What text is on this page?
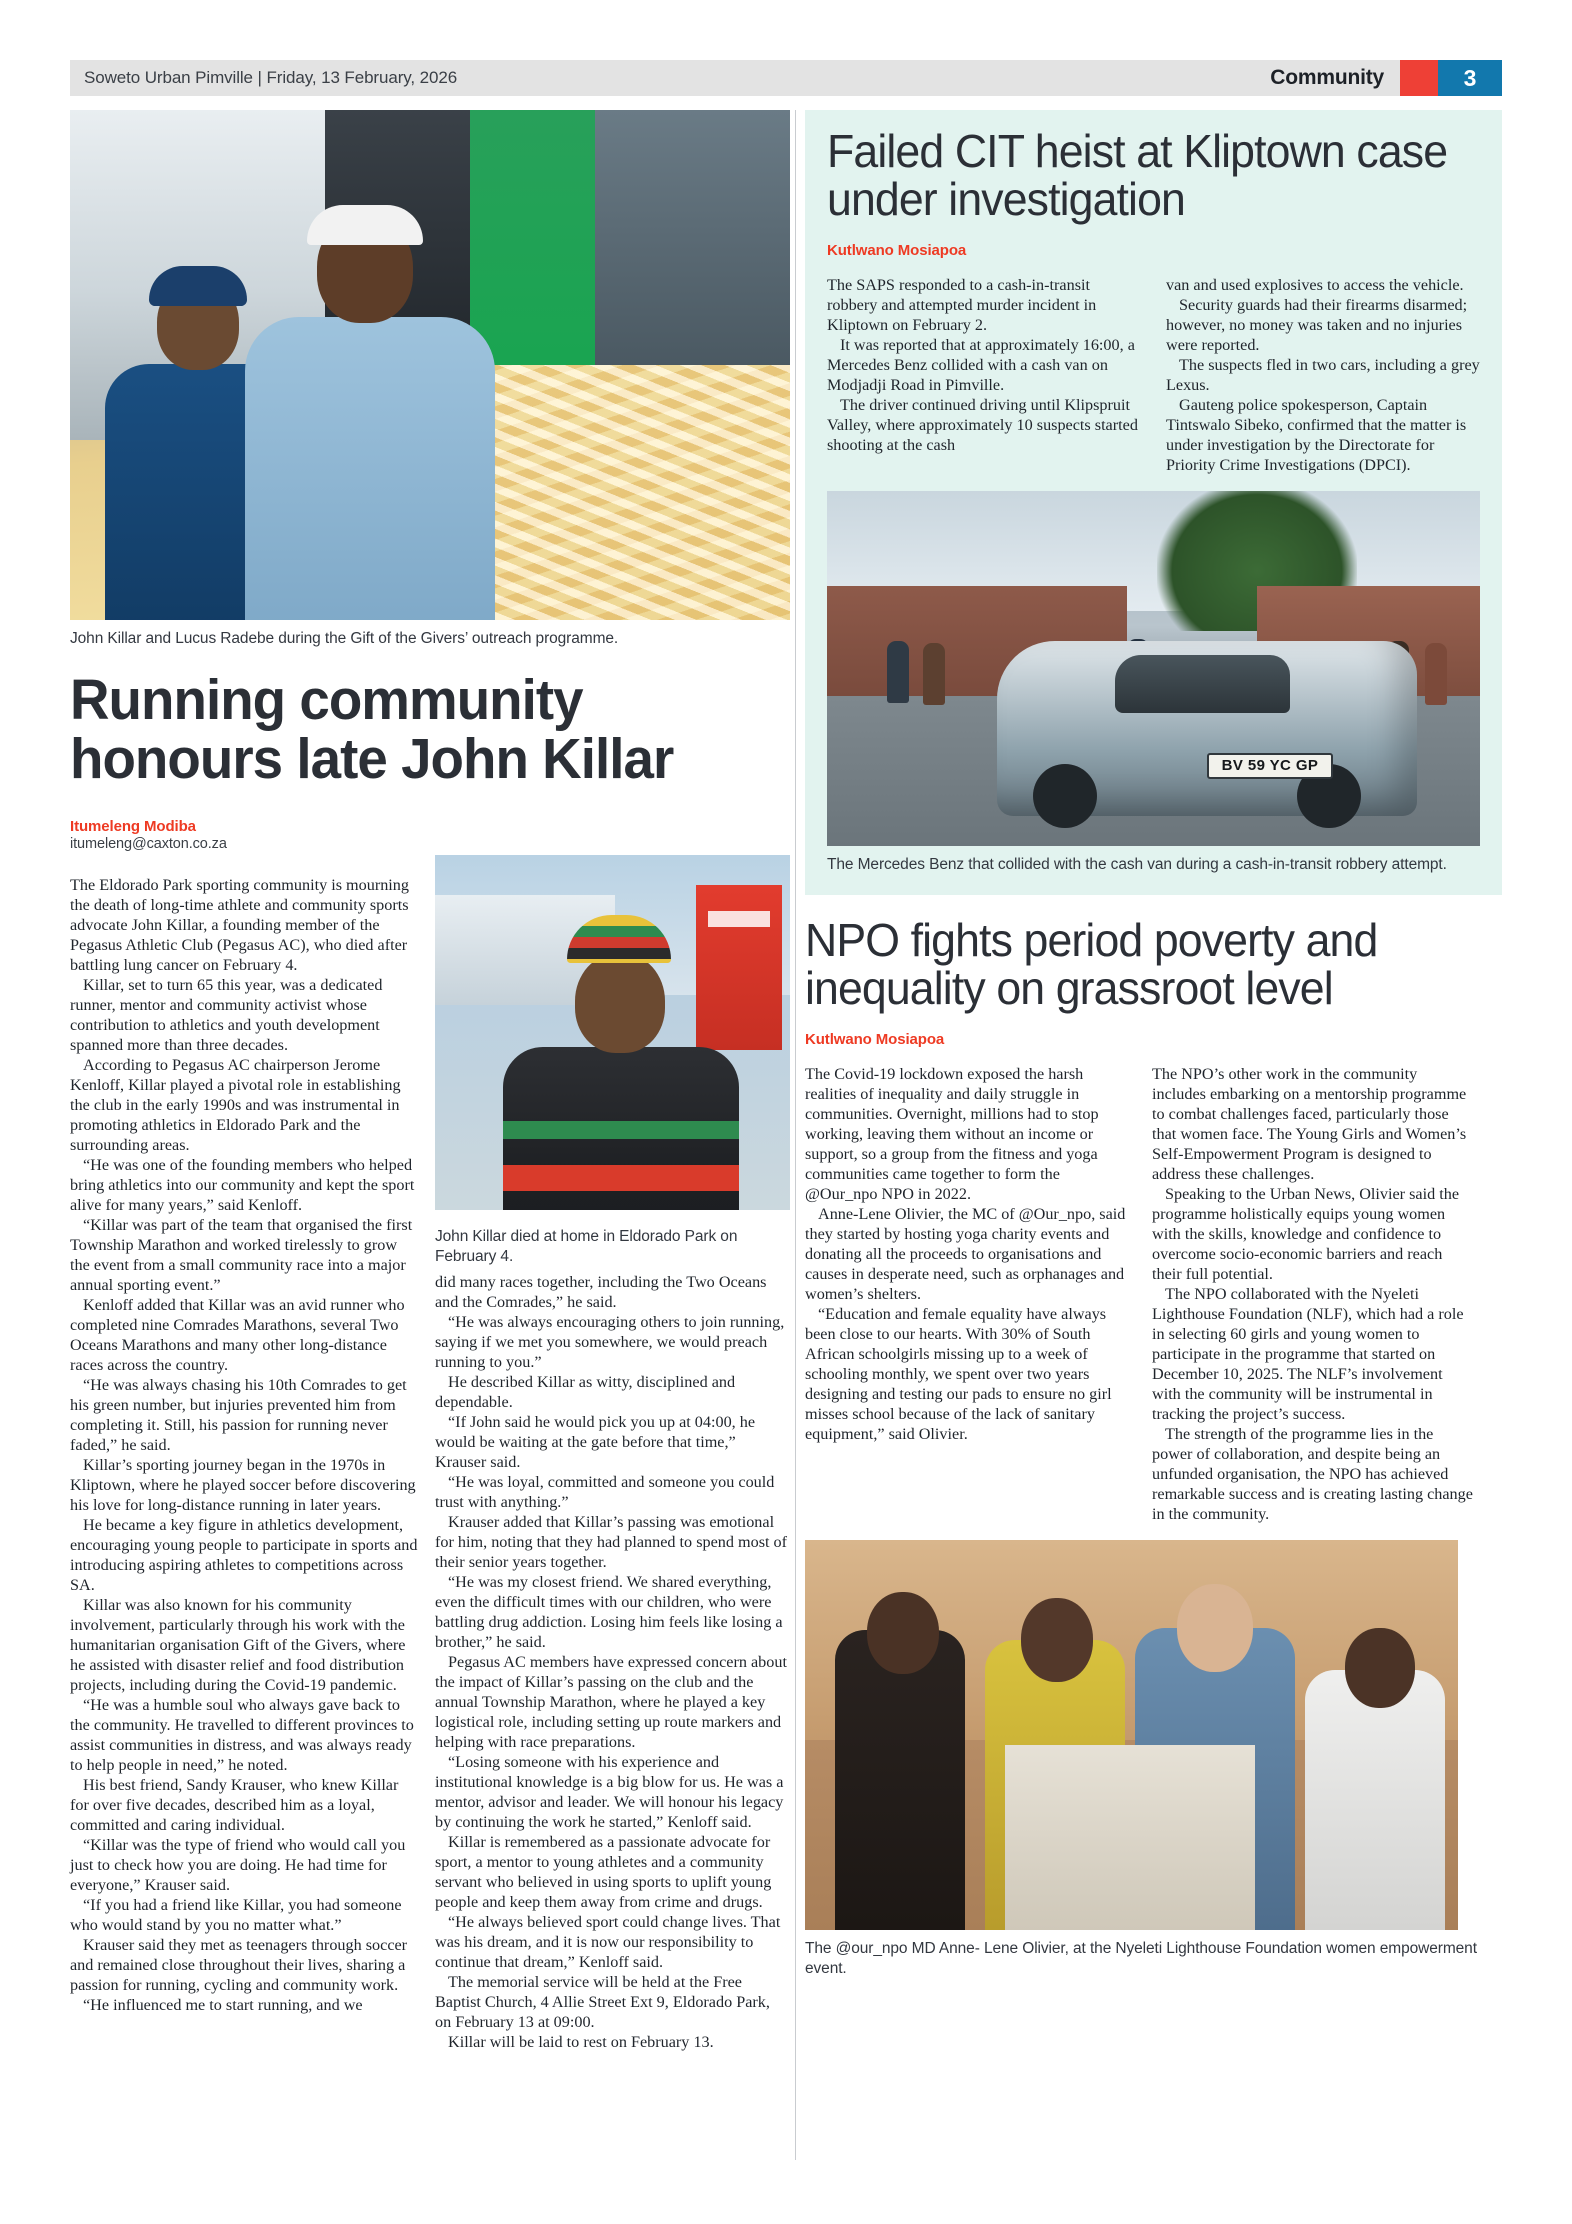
Soweto Urban Pimville | Friday, 13 February, 2026	Community	3
John Killar and Lucus Radebe during the Gift of the Givers’ outreach programme.
Running community honours late John Killar
Itumeleng Modiba
itumeleng@caxton.co.za

The Eldorado Park sporting community is mourning the death of long-time athlete and community sports advocate John Killar, a founding member of the Pegasus Athletic Club (Pegasus AC), who died after battling lung cancer on February 4.

Killar, set to turn 65 this year, was a dedicated runner, mentor and community activist whose contribution to athletics and youth development spanned more than three decades.

According to Pegasus AC chairperson Jerome Kenloff, Killar played a pivotal role in establishing the club in the early 1990s and was instrumental in promoting athletics in Eldorado Park and the surrounding areas.

“He was one of the founding members who helped bring athletics into our community and kept the sport alive for many years,” said Kenloff.

“Killar was part of the team that organised the first Township Marathon and worked tirelessly to grow the event from a small community race into a major annual sporting event.”

Kenloff added that Killar was an avid runner who completed nine Comrades Marathons, several Two Oceans Marathons and many other long-distance races across the country.

“He was always chasing his 10th Comrades to get his green number, but injuries prevented him from completing it. Still, his passion for running never faded,” he said.

Killar’s sporting journey began in the 1970s in Kliptown, where he played soccer before discovering his love for long-distance running in later years.

He became a key figure in athletics development, encouraging young people to participate in sports and introducing aspiring athletes to competitions across SA.

Killar was also known for his community involvement, particularly through his work with the humanitarian organisation Gift of the Givers, where he assisted with disaster relief and food distribution projects, including during the Covid-19 pandemic.

“He was a humble soul who always gave back to the community. He travelled to different provinces to assist communities in distress, and was always ready to help people in need,” he noted.

His best friend, Sandy Krauser, who knew Killar for over five decades, described him as a loyal, committed and caring individual.

“Killar was the type of friend who would call you just to check how you are doing. He had time for everyone,” Krauser said.

“If you had a friend like Killar, you had someone who would stand by you no matter what.”

Krauser said they met as teenagers through soccer and remained close throughout their lives, sharing a passion for running, cycling and community work.

“He influenced me to start running, and we

John Killar died at home in Eldorado Park on February 4.

did many races together, including the Two Oceans and the Comrades,” he said.

“He was always encouraging others to join running, saying if we met you somewhere, we would preach running to you.”

He described Killar as witty, disciplined and dependable.

“If John said he would pick you up at 04:00, he would be waiting at the gate before that time,” Krauser said.

“He was loyal, committed and someone you could trust with anything.”

Krauser added that Killar’s passing was emotional for him, noting that they had planned to spend most of their senior years together.

“He was my closest friend. We shared everything, even the difficult times with our children, who were battling drug addiction. Losing him feels like losing a brother,” he said.

Pegasus AC members have expressed concern about the impact of Killar’s passing on the club and the annual Township Marathon, where he played a key logistical role, including setting up route markers and helping with race preparations.

“Losing someone with his experience and institutional knowledge is a big blow for us. He was a mentor, advisor and leader. We will honour his legacy by continuing the work he started,” Kenloff said.

Killar is remembered as a passionate advocate for sport, a mentor to young athletes and a community servant who believed in using sports to uplift young people and keep them away from crime and drugs.

“He always believed sport could change lives. That was his dream, and it is now our responsibility to continue that dream,” Kenloff said.

The memorial service will be held at the Free Baptist Church, 4 Allie Street Ext 9, Eldorado Park, on February 13 at 09:00.

Killar will be laid to rest on February 13.

Failed CIT heist at Kliptown case under investigation
Kutlwano Mosiapoa

The SAPS responded to a cash-in-transit robbery and attempted murder incident in Kliptown on February 2.

It was reported that at approximately 16:00, a Mercedes Benz collided with a cash van on Modjadji Road in Pimville.

The driver continued driving until Klipspruit Valley, where approximately 10 suspects started shooting at the cash

van and used explosives to access the vehicle.

Security guards had their firearms disarmed; however, no money was taken and no injuries were reported.

The suspects fled in two cars, including a grey Lexus.

Gauteng police spokesperson, Captain Tintswalo Sibeko, confirmed that the matter is under investigation by the Directorate for Priority Crime Investigations (DPCI).

BV 59 YC GP
The Mercedes Benz that collided with the cash van during a cash-in-transit robbery attempt.
NPO fights period poverty and inequality on grassroot level
Kutlwano Mosiapoa

The Covid-19 lockdown exposed the harsh realities of inequality and daily struggle in communities. Overnight, millions had to stop working, leaving them without an income or support, so a group from the fitness and yoga communities came together to form the @Our_npo NPO in 2022.

Anne-Lene Olivier, the MC of @Our_npo, said they started by hosting yoga charity events and donating all the proceeds to organisations and causes in desperate need, such as orphanages and women’s shelters.

“Education and female equality have always been close to our hearts. With 30% of South African schoolgirls missing up to a week of schooling monthly, we spent over two years designing and testing our pads to ensure no girl misses school because of the lack of sanitary equipment,” said Olivier.

The NPO’s other work in the community includes embarking on a mentorship programme to combat challenges faced, particularly those that women face. The Young Girls and Women’s Self-Empowerment Program is designed to address these challenges.

Speaking to the Urban News, Olivier said the programme holistically equips young women with the skills, knowledge and confidence to overcome socio-economic barriers and reach their full potential.

The NPO collaborated with the Nyeleti Lighthouse Foundation (NLF), which had a role in selecting 60 girls and young women to participate in the programme that started on December 10, 2025. The NLF’s involvement with the community will be instrumental in tracking the project’s success.

The strength of the programme lies in the power of collaboration, and despite being an unfunded organisation, the NPO has achieved remarkable success and is creating lasting change in the community.

The @our_npo MD Anne- Lene Olivier, at the Nyeleti Lighthouse Foundation women empowerment event.
